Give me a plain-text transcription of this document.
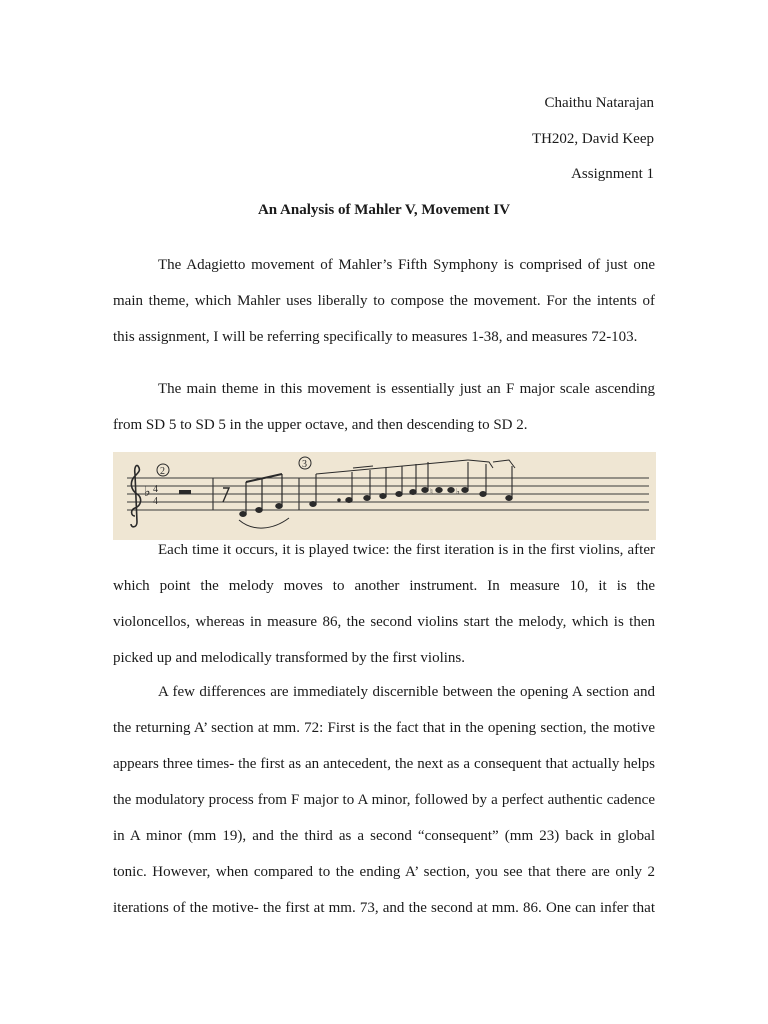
Chaithu Natarajan
TH202, David Keep
Assignment 1
An Analysis of Mahler V, Movement IV
The Adagietto movement of Mahler’s Fifth Symphony is comprised of just one
main theme, which Mahler uses liberally to compose the movement. For the intents of
this assignment, I will be referring specifically to measures 1-38, and measures 72-103.
The main theme in this movement is essentially just an F major scale ascending
from SD 5 to SD 5 in the upper octave, and then descending to SD 2.
♭ 4
4
2
3
♮	♭
Each time it occurs, it is played twice: the first iteration is in the first violins, after
which point the melody moves to another instrument. In measure 10, it is the
violoncellos, whereas in measure 86, the second violins start the melody, which is then
picked up and melodically transformed by the first violins.
A few differences are immediately discernible between the opening A section and
the returning A’ section at mm. 72: First is the fact that in the opening section, the motive
appears three times- the first as an antecedent, the next as a consequent that actually helps
the modulatory process from F major to A minor, followed by a perfect authentic cadence
in A minor (mm 19), and the third as a second “consequent” (mm 23) back in global
tonic. However, when compared to the ending A’ section, you see that there are only 2
iterations of the motive- the first at mm. 73, and the second at mm. 86. One can infer that
